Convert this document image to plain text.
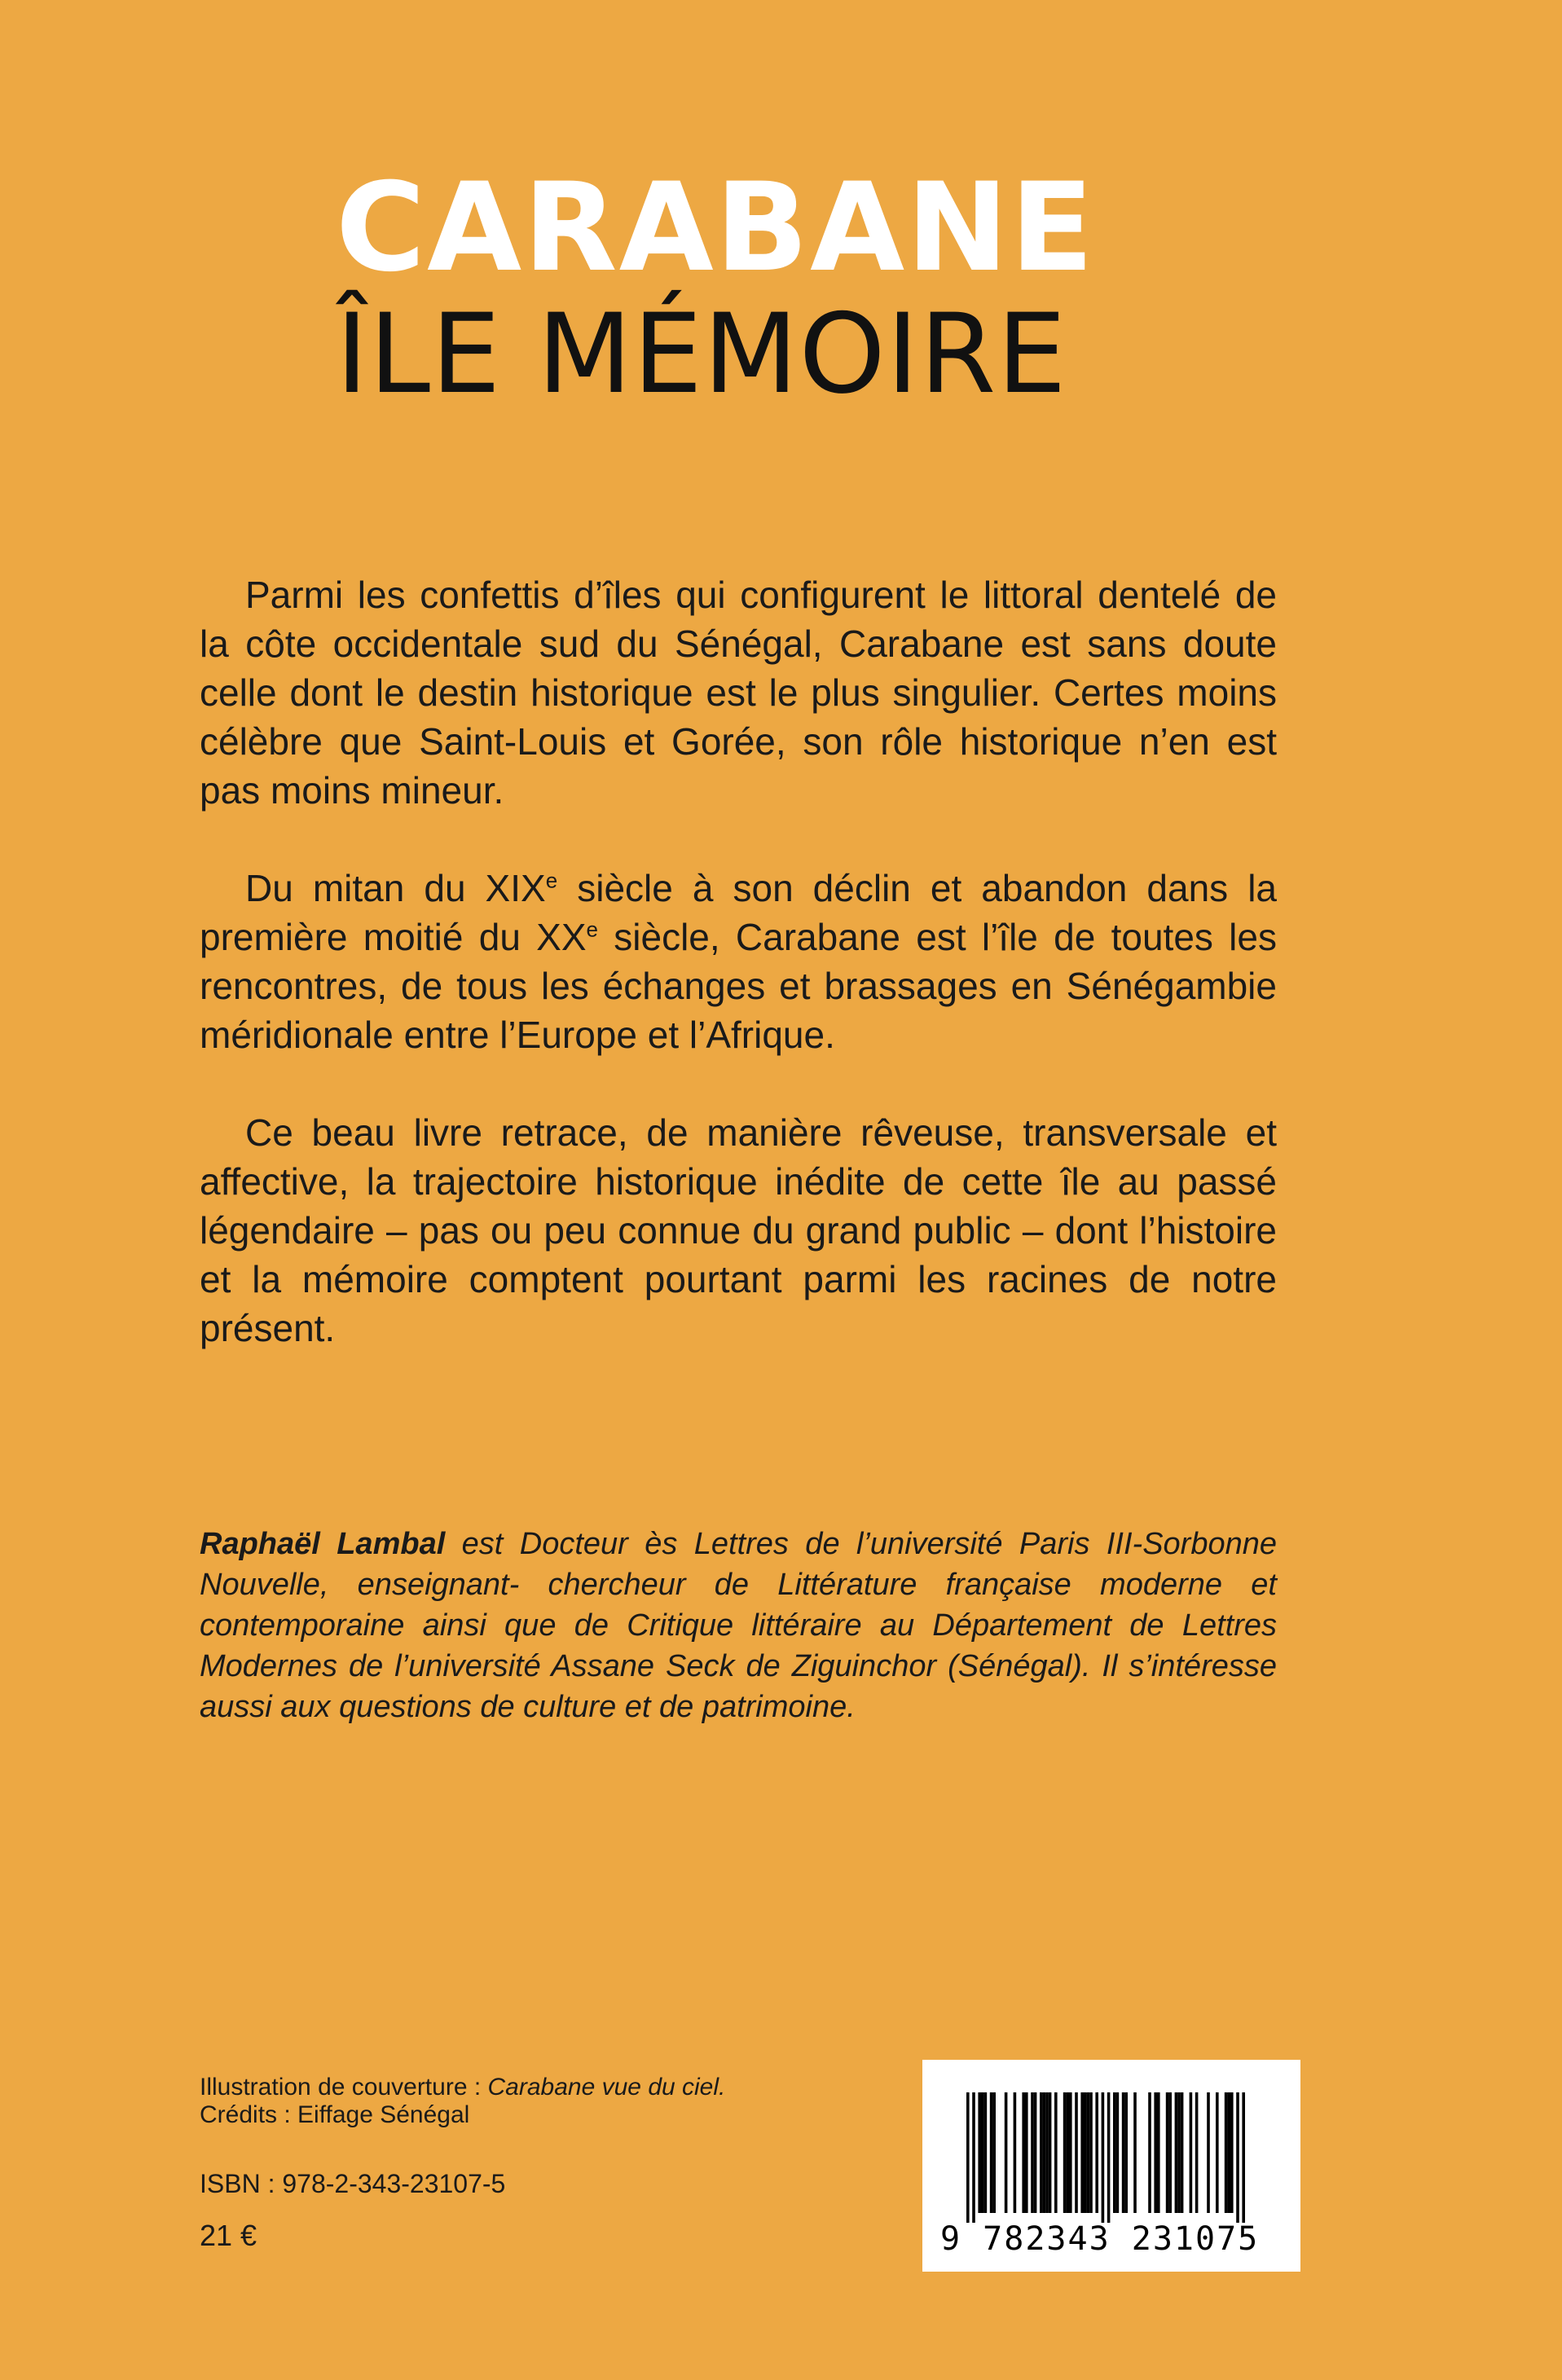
CARABANE
ÎLE MÉMOIRE

Parmi les confettis d’îles qui configurent le littoral dentelé de la côte occidentale sud du Sénégal, Carabane est sans doute celle dont le destin historique est le plus singulier. Certes moins célèbre que Saint-Louis et Gorée, son rôle historique n’en est pas moins mineur.

Du mitan du XIXe siècle à son déclin et abandon dans la première moitié du XXe siècle, Carabane est l’île de toutes les rencontres, de tous les échanges et brassages en Sénégambie méridionale entre l’Europe et l’Afrique.

Ce beau livre retrace, de manière rêveuse, transversale et affective, la trajectoire historique inédite de cette île au passé légendaire – pas ou peu connue du grand public – dont l’histoire et la mémoire comptent pourtant parmi les racines de notre présent.

Raphaël Lambal est Docteur ès Lettres de l’université Paris III-Sorbonne Nouvelle, enseignant- chercheur de Littérature française moderne et contemporaine ainsi que de Critique littéraire au Département de Lettres Modernes de l’université Assane Seck de Ziguinchor (Sénégal). Il s’intéresse aussi aux questions de culture et de patrimoine.
Illustration de couverture : Carabane vue du ciel.
Crédits : Eiffage Sénégal
ISBN : 978-2-343-23107-5
21 €	9 782343 231075
